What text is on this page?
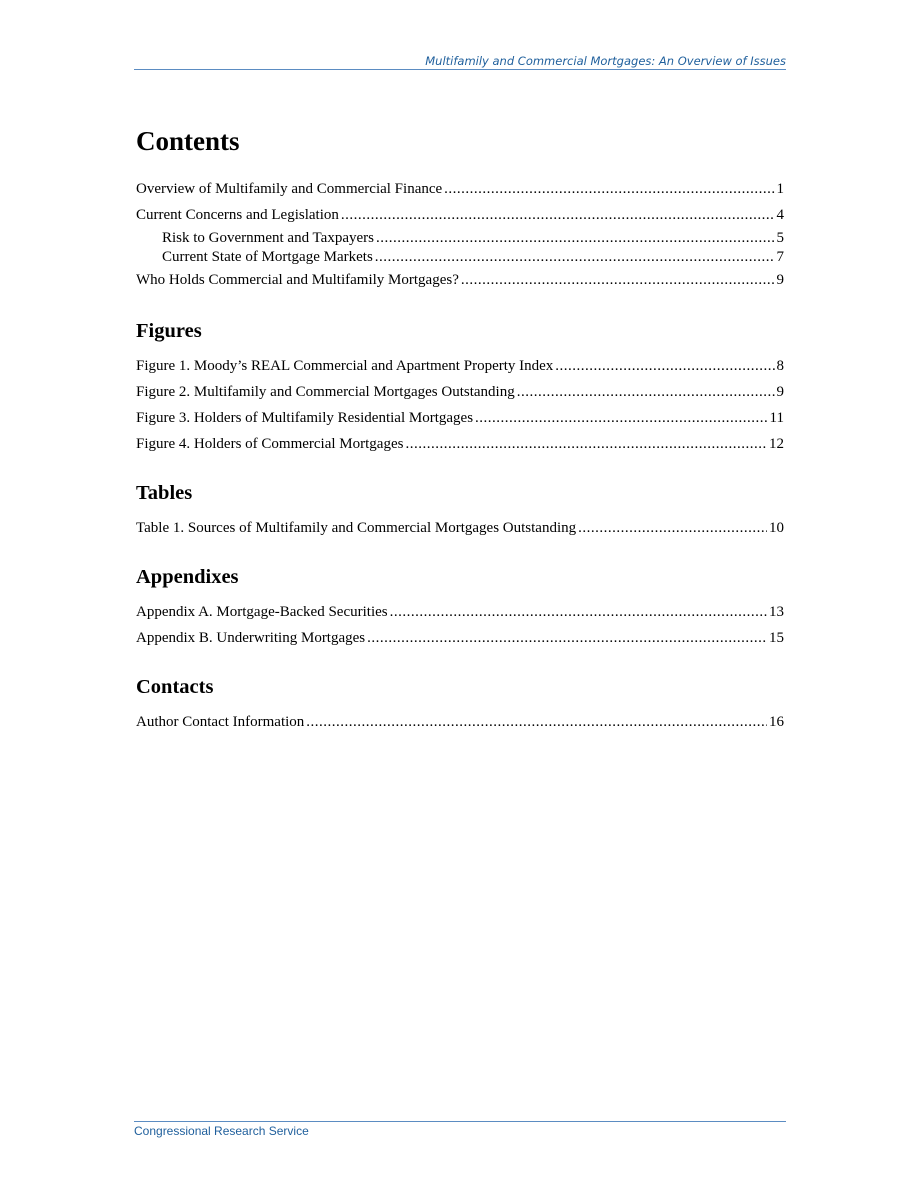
Multifamily and Commercial Mortgages: An Overview of Issues
Contents
Overview of Multifamily and Commercial Finance .....	1
Current Concerns and Legislation .....	4
Risk to Government and Taxpayers .....	5
Current State of Mortgage Markets .....	7
Who Holds Commercial and Multifamily Mortgages? .....	9
Figures
Figure 1. Moody’s REAL Commercial and Apartment Property Index .....	8
Figure 2. Multifamily and Commercial Mortgages Outstanding .....	9
Figure 3. Holders of Multifamily Residential Mortgages .....	11
Figure 4. Holders of Commercial Mortgages .....	12
Tables
Table 1. Sources of Multifamily and Commercial Mortgages Outstanding .....	10
Appendixes
Appendix A. Mortgage-Backed Securities .....	13
Appendix B. Underwriting Mortgages .....	15
Contacts
Author Contact Information .....	16
Congressional Research Service
